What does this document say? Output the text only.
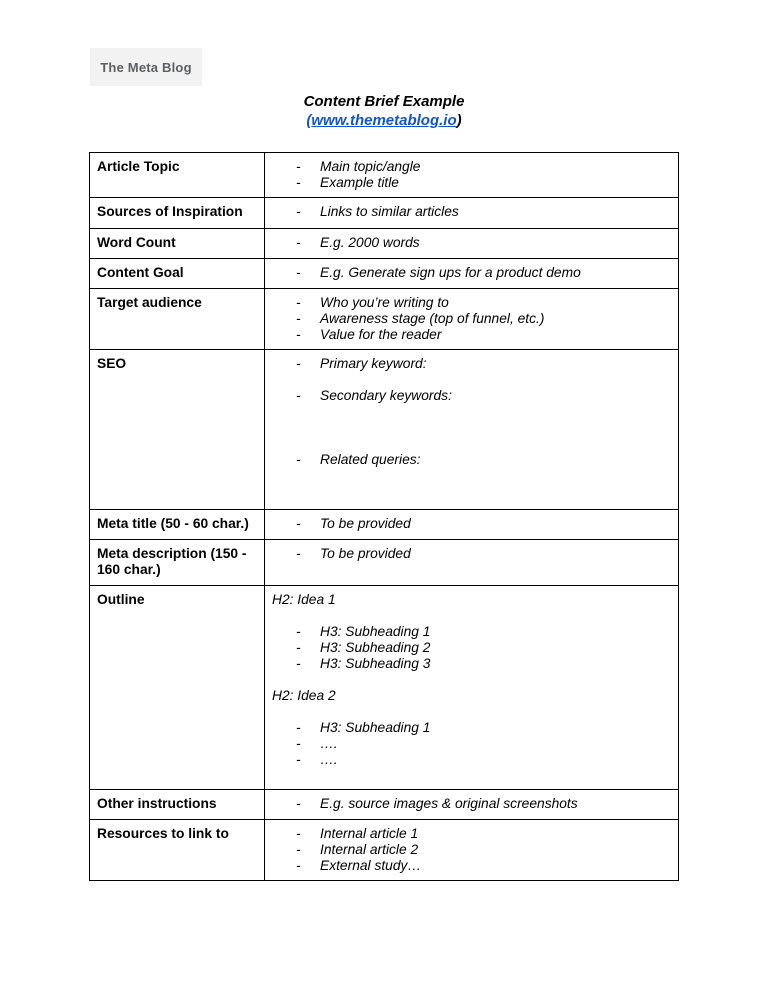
The Meta Blog
Content Brief Example
(www.themetablog.io)
Article Topic	- Main topic/angle
- Example title

Sources of Inspiration	- Links to similar articles

Word Count	- E.g. 2000 words

Content Goal	- E.g. Generate sign ups for a product demo

Target audience	- Who you’re writing to
- Awareness stage (top of funnel, etc.)
- Value for the reader

SEO	- Primary keyword:
- Secondary keywords:
- Related queries:

Meta title (50 - 60 char.)	- To be provided

Meta description (150 - 160 char.)	- To be provided

Outline	H2: Idea 1
- H3: Subheading 1
- H3: Subheading 2
- H3: Subheading 3
H2: Idea 2
- H3: Subheading 1
- ….
- ….

Other instructions	- E.g. source images & original screenshots

Resources to link to	- Internal article 1
- Internal article 2
- External study…
